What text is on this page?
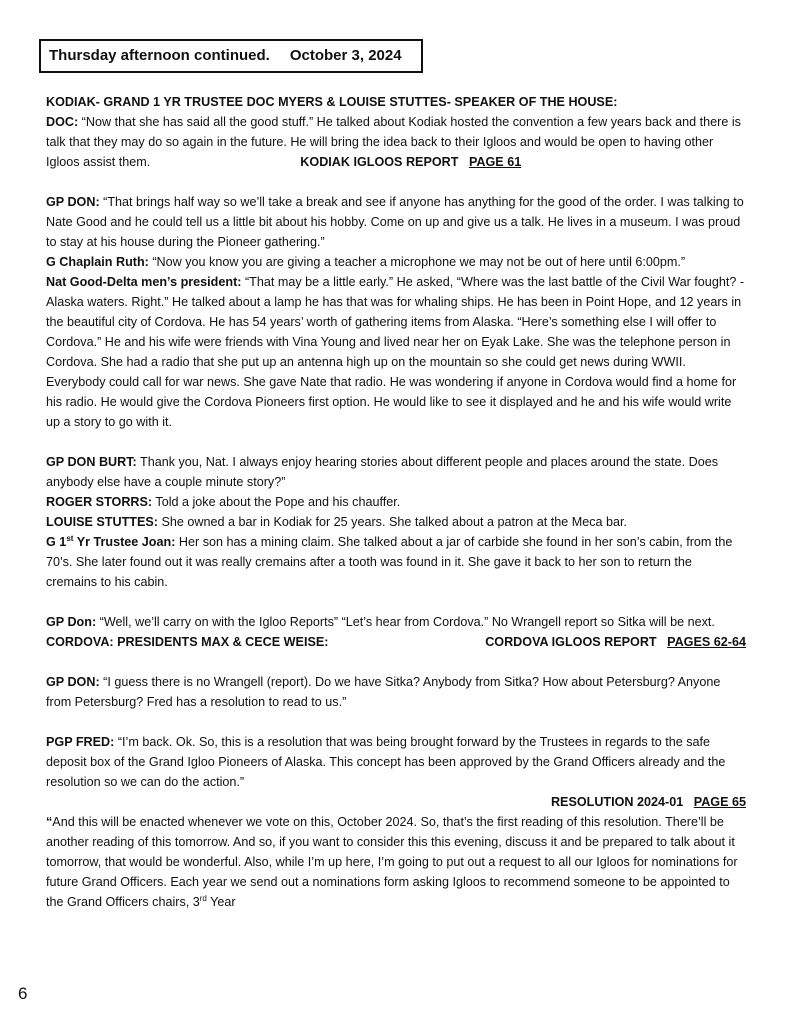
Thursday afternoon continued. October 3, 2024

KODIAK- GRAND 1 YR TRUSTEE DOC MYERS & LOUISE STUTTES- SPEAKER OF THE HOUSE:

DOC: “Now that she has said all the good stuff.” He talked about Kodiak hosted the convention a few years back and there is talk that they may do so again in the future. He will bring the idea back to their Igloos and would be open to having other Igloos assist them.	KODIAK IGLOOS REPORT PAGE 61

GP DON: “That brings half way so we’ll take a break and see if anyone has anything for the good of the order. I was talking to Nate Good and he could tell us a little bit about his hobby. Come on up and give us a talk. He lives in a museum. I was proud to stay at his house during the Pioneer gathering.”

G Chaplain Ruth: “Now you know you are giving a teacher a microphone we may not be out of here until 6:00pm.”

Nat Good-Delta men’s president: “That may be a little early.” He asked, “Where was the last battle of the Civil War fought? - Alaska waters. Right.” He talked about a lamp he has that was for whaling ships. He has been in Point Hope, and 12 years in the beautiful city of Cordova. He has 54 years’ worth of gathering items from Alaska. “Here’s something else I will offer to Cordova.” He and his wife were friends with Vina Young and lived near her on Eyak Lake. She was the telephone person in Cordova. She had a radio that she put up an antenna high up on the mountain so she could get news during WWII. Everybody could call for war news. She gave Nate that radio. He was wondering if anyone in Cordova would find a home for his radio. He would give the Cordova Pioneers first option. He would like to see it displayed and he and his wife would write up a story to go with it.

GP DON BURT: Thank you, Nat. I always enjoy hearing stories about different people and places around the state. Does anybody else have a couple minute story?”

ROGER STORRS: Told a joke about the Pope and his chauffer.

LOUISE STUTTES: She owned a bar in Kodiak for 25 years. She talked about a patron at the Meca bar.

G 1st Yr Trustee Joan: Her son has a mining claim. She talked about a jar of carbide she found in her son’s cabin, from the 70’s. She later found out it was really cremains after a tooth was found in it. She gave it back to her son to return the cremains to his cabin.

GP Don: “Well, we’ll carry on with the Igloo Reports” “Let’s hear from Cordova.” No Wrangell report so Sitka will be next.

CORDOVA IGLOOS REPORT PAGES 62-64
CORDOVA: PRESIDENTS MAX & CECE WEISE:

GP DON: “I guess there is no Wrangell (report). Do we have Sitka? Anybody from Sitka? How about Petersburg? Anyone from Petersburg? Fred has a resolution to read to us.”

PGP FRED: “I’m back. Ok. So, this is a resolution that was being brought forward by the Trustees in regards to the safe deposit box of the Grand Igloo Pioneers of Alaska. This concept has been approved by the Grand Officers already and the resolution so we can do the action.”

RESOLUTION 2024-01 PAGE 65

“And this will be enacted whenever we vote on this, October 2024. So, that’s the first reading of this resolution. There’ll be another reading of this tomorrow. And so, if you want to consider this this evening, discuss it and be prepared to talk about it tomorrow, that would be wonderful. Also, while I’m up here, I’m going to put out a request to all our Igloos for nominations for future Grand Officers. Each year we send out a nominations form asking Igloos to recommend someone to be appointed to the Grand Officers chairs, 3rd Year

6
